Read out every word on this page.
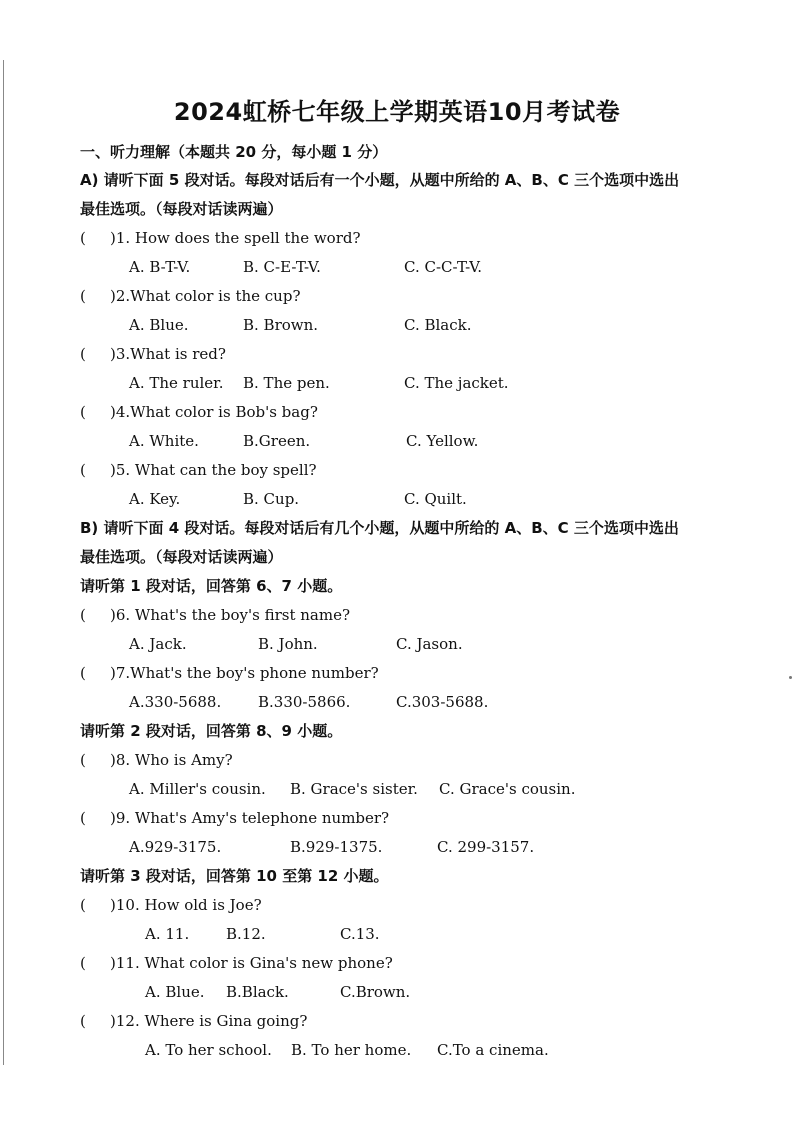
2024虹桥七年级上学期英语10月考试卷
一、听力理解（本题共 20 分，每小题 1 分）
A) 请听下面 5 段对话。每段对话后有一个小题，从题中所给的 A、B、C 三个选项中选出
最佳选项。（每段对话读两遍）
( )1. How does the spell the word?
A. B-T-V.	B. C-E-T-V.	C. C-C-T-V.
( )2.What color is the cup?
A. Blue.	B. Brown.	C. Black.
( )3.What is red?
A. The ruler. B. The pen.	C. The jacket.
( )4.What color is Bob's bag?
A. White.	B.Green.	C. Yellow.
( )5. What can the boy spell?
A. Key.	B. Cup.	C. Quilt.
B) 请听下面 4 段对话。每段对话后有几个小题，从题中所给的 A、B、C 三个选项中选出
最佳选项。（每段对话读两遍）
请听第 1 段对话，回答第 6、7 小题。
( )6. What's the boy's first name?
A. Jack.	B. John.	C. Jason.
( )7.What's the boy's phone number?
A.330-5688. B.330-5866.	C.303-5688.
请听第 2 段对话，回答第 8、9 小题。
( )8. Who is Amy?
A. Miller's cousin. B. Grace's sister. C. Grace's cousin.
( )9. What's Amy's telephone number?
A.929-3175.	B.929-1375.	C. 299-3157.
请听第 3 段对话，回答第 10 至第 12 小题。
( )10. How old is Joe?
A. 11. B.12.	C.13.
( )11. What color is Gina's new phone?
A. Blue. B.Black.	C.Brown.
( )12. Where is Gina going?
A. To her school. B. To her home. C.To a cinema.
